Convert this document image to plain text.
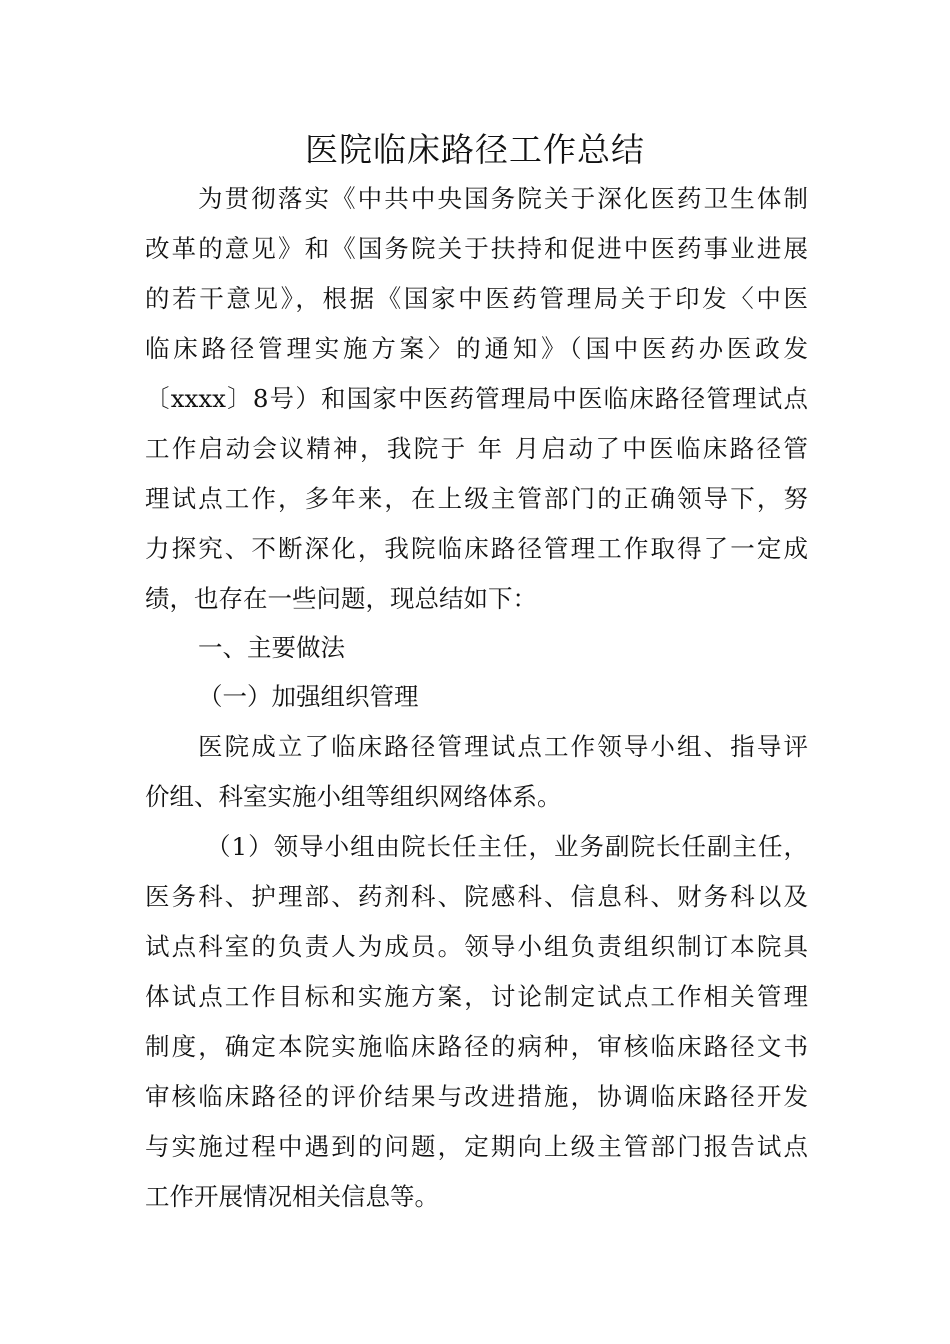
医院临床路径工作总结
为贯彻落实《中共中央国务院关于深化医药卫生体制
改革的意见》和《国务院关于扶持和促进中医药事业进展
的若干意见》，根据《国家中医药管理局关于印发〈中医
临床路径管理实施方案〉的通知》（国中医药办医政发
〔xxxx〕8号）和国家中医药管理局中医临床路径管理试点
工作启动会议精神，我院于 年 月启动了中医临床路径管
理试点工作，多年来，在上级主管部门的正确领导下，努
力探究、不断深化，我院临床路径管理工作取得了一定成
绩，也存在一些问题，现总结如下：
一、主要做法
（一）加强组织管理
医院成立了临床路径管理试点工作领导小组、指导评
价组、科室实施小组等组织网络体系。
（1）领导小组由院长任主任，业务副院长任副主任，
医务科、护理部、药剂科、院感科、信息科、财务科以及
试点科室的负责人为成员。领导小组负责组织制订本院具
体试点工作目标和实施方案，讨论制定试点工作相关管理
制度，确定本院实施临床路径的病种，审核临床路径文书
审核临床路径的评价结果与改进措施，协调临床路径开发
与实施过程中遇到的问题，定期向上级主管部门报告试点
工作开展情况相关信息等。
